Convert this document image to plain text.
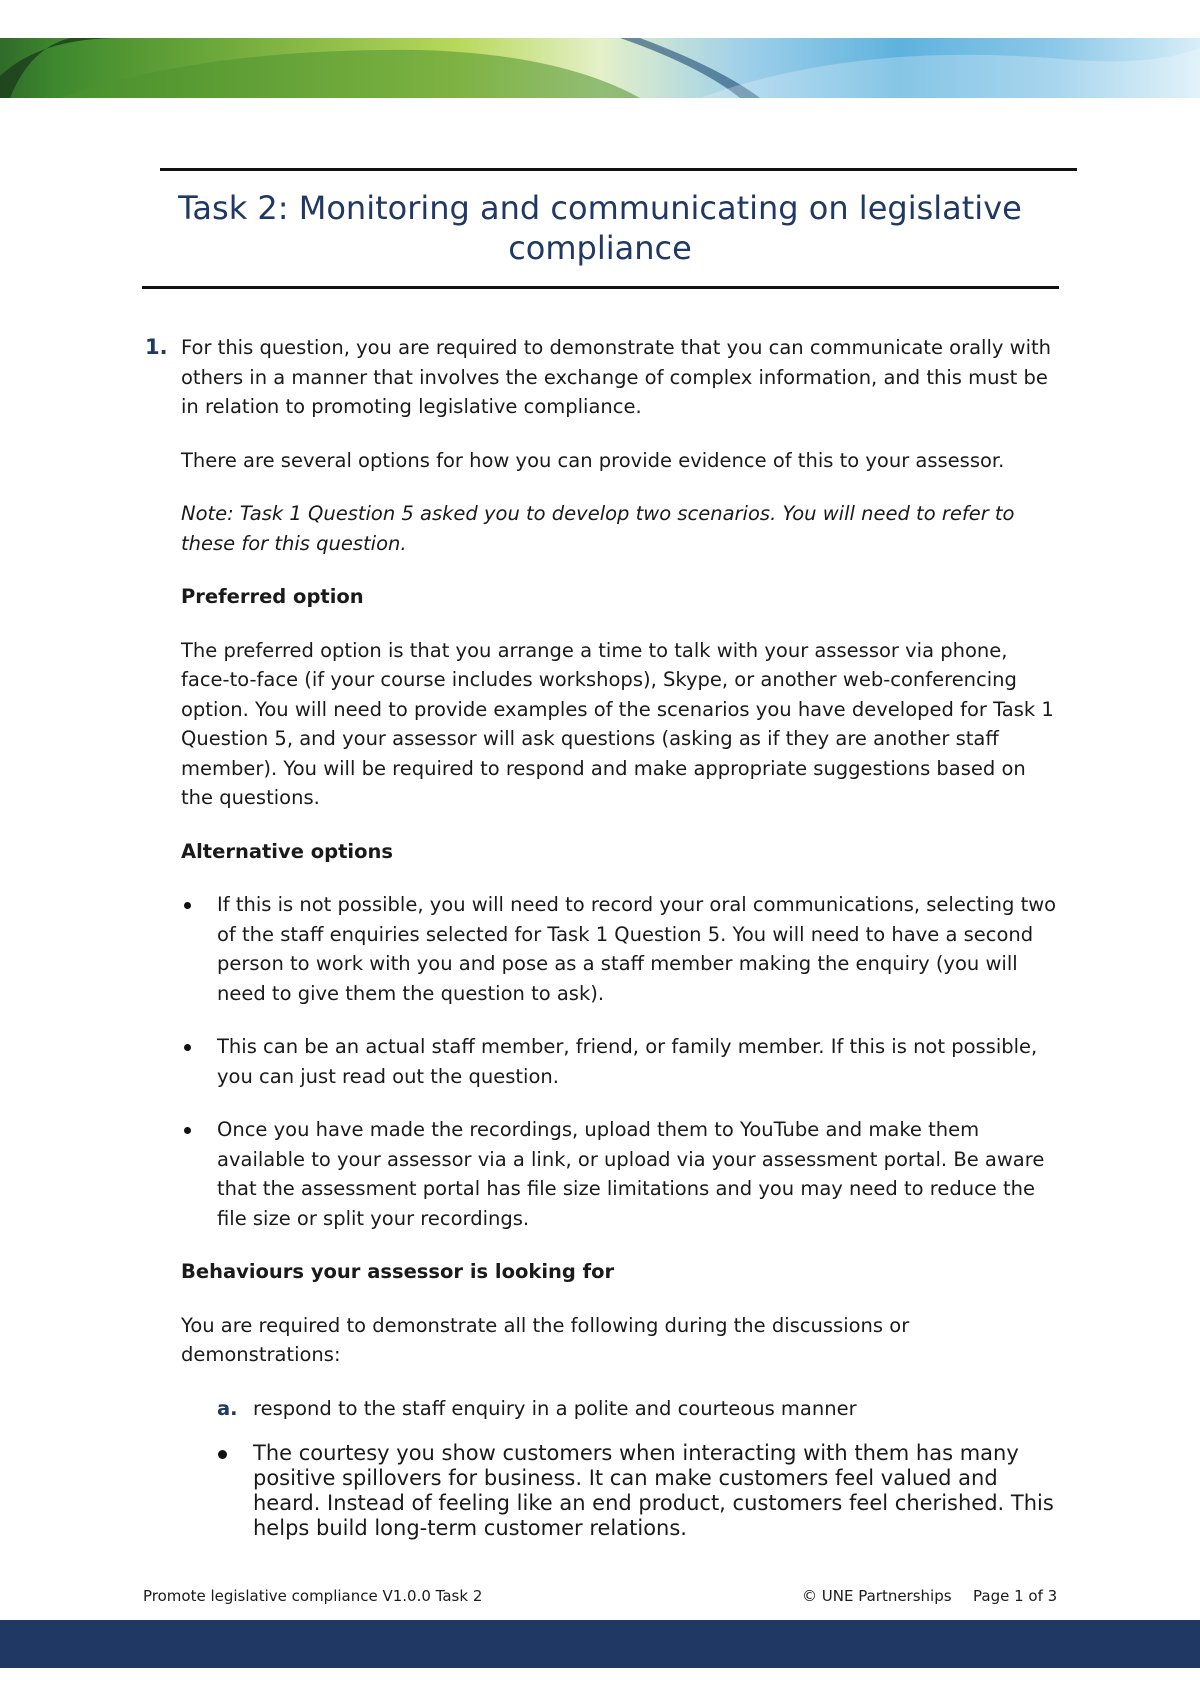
Task 2: Monitoring and communicating on legislative compliance
1. For this question, you are required to demonstrate that you can communicate orally with others in a manner that involves the exchange of complex information, and this must be in relation to promoting legislative compliance.

There are several options for how you can provide evidence of this to your assessor.

Note: Task 1 Question 5 asked you to develop two scenarios. You will need to refer to these for this question.

Preferred option

The preferred option is that you arrange a time to talk with your assessor via phone, face-to-face (if your course includes workshops), Skype, or another web-conferencing option. You will need to provide examples of the scenarios you have developed for Task 1 Question 5, and your assessor will ask questions (asking as if they are another staff member). You will be required to respond and make appropriate suggestions based on the questions.

Alternative options

If this is not possible, you will need to record your oral communications, selecting two of the staff enquiries selected for Task 1 Question 5. You will need to have a second person to work with you and pose as a staff member making the enquiry (you will need to give them the question to ask).
This can be an actual staff member, friend, or family member. If this is not possible, you can just read out the question.
Once you have made the recordings, upload them to YouTube and make them available to your assessor via a link, or upload via your assessment portal. Be aware that the assessment portal has file size limitations and you may need to reduce the file size or split your recordings.

Behaviours your assessor is looking for

You are required to demonstrate all the following during the discussions or demonstrations:

a. respond to the staff enquiry in a polite and courteous manner
The courtesy you show customers when interacting with them has many positive spillovers for business. It can make customers feel valued and heard. Instead of feeling like an end product, customers feel cherished. This helps build long-term customer relations.
Promote legislative compliance V1.0.0 Task 2	© UNE Partnerships Page 1 of 3
